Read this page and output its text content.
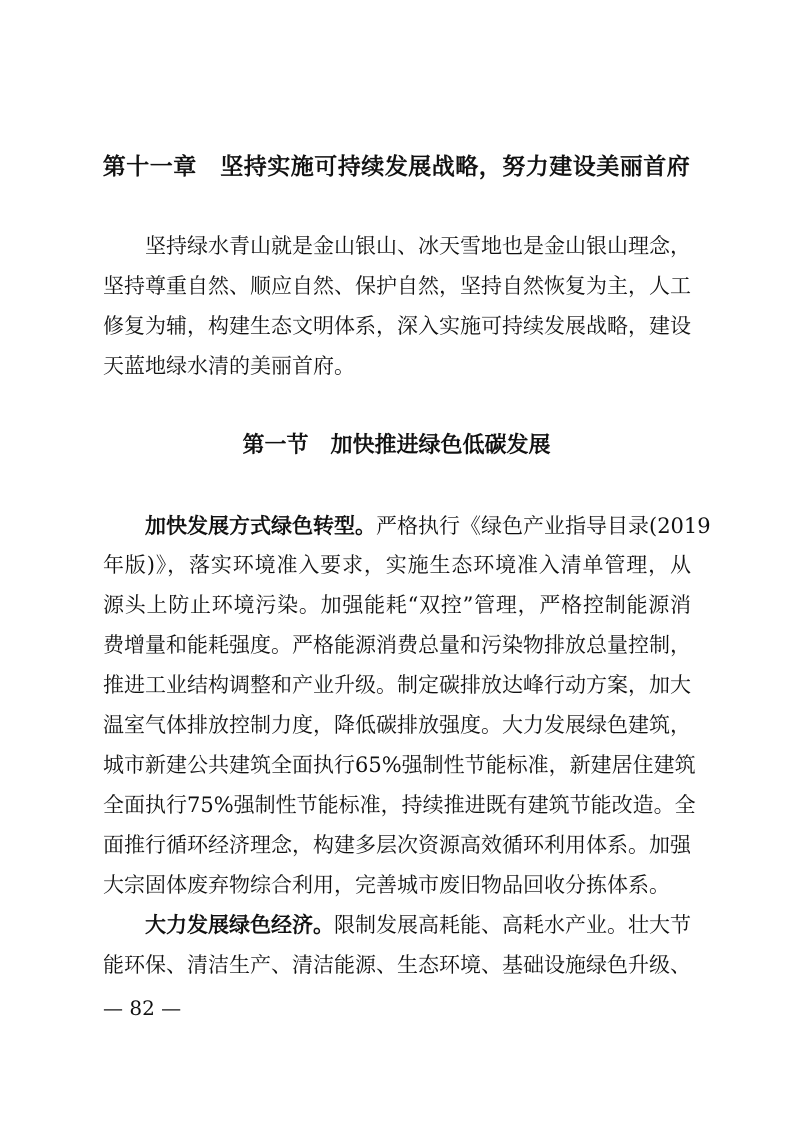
第十一章　坚持实施可持续发展战略，努力建设美丽首府
坚持绿水青山就是金山银山、冰天雪地也是金山银山理念，
坚持尊重自然、顺应自然、保护自然，坚持自然恢复为主，人工
修复为辅，构建生态文明体系，深入实施可持续发展战略，建设
天蓝地绿水清的美丽首府。
第一节　加快推进绿色低碳发展
加快发展方式绿色转型。严格执行《绿色产业指导目录(2019
年版)》，落实环境准入要求，实施生态环境准入清单管理，从
源头上防止环境污染。加强能耗“双控”管理，严格控制能源消
费增量和能耗强度。严格能源消费总量和污染物排放总量控制，
推进工业结构调整和产业升级。制定碳排放达峰行动方案，加大
温室气体排放控制力度，降低碳排放强度。大力发展绿色建筑，
城市新建公共建筑全面执行65%强制性节能标准，新建居住建筑
全面执行75%强制性节能标准，持续推进既有建筑节能改造。全
面推行循环经济理念，构建多层次资源高效循环利用体系。加强
大宗固体废弃物综合利用，完善城市废旧物品回收分拣体系。
大力发展绿色经济。限制发展高耗能、高耗水产业。壮大节
能环保、清洁生产、清洁能源、生态环境、基础设施绿色升级、
— 82 —
